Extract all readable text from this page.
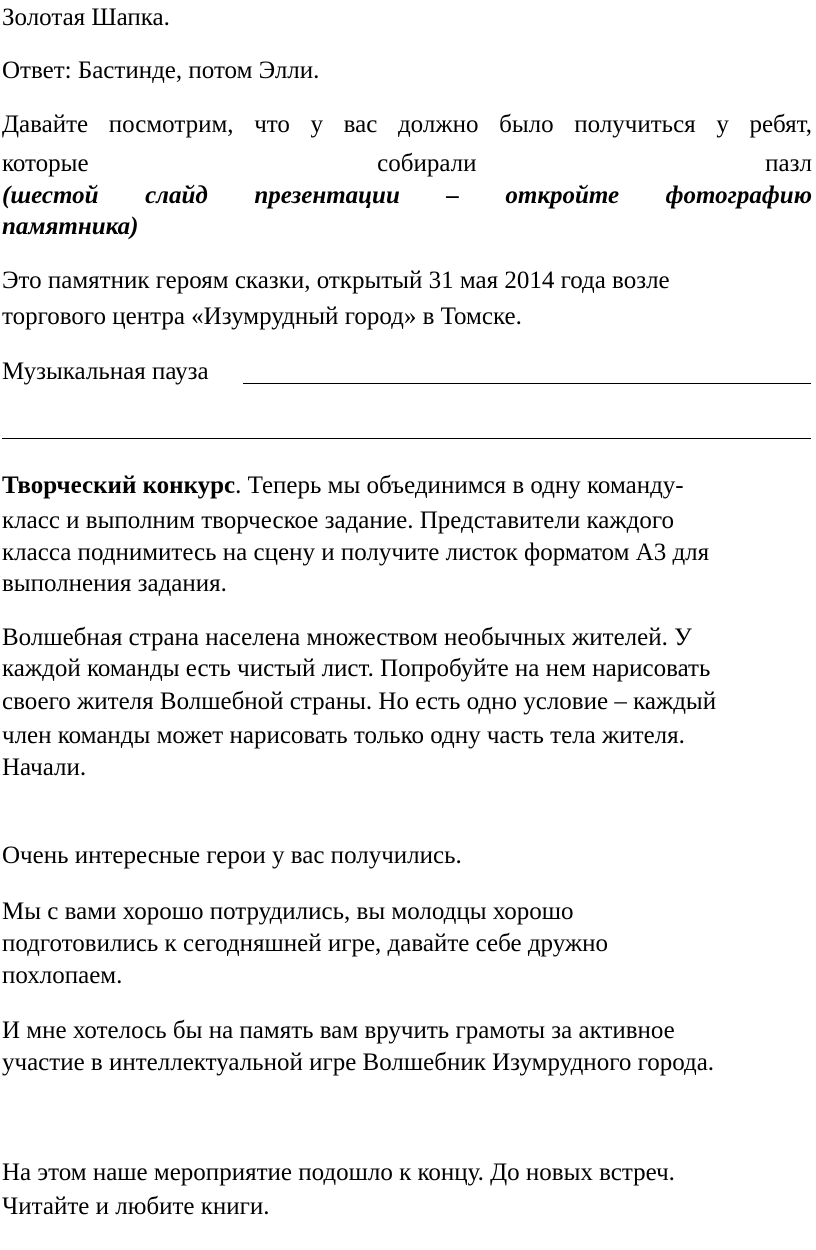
Золотая Шапка.

Ответ: Бастинде, потом Элли.

Давайте посмотрим, что у вас должно было получиться у ребят,

которые	собирали	пазл

(шестой слайд презентации – откройте фотографию

памятника)

Это памятник героям сказки, открытый 31 мая 2014 года возле

торгового центра «Изумрудный город» в Томске.

Музыкальная пауза

Творческий конкурс. Теперь мы объединимся в одну команду-

класс и выполним творческое задание. Представители каждого

класса поднимитесь на сцену и получите листок форматом А3 для

выполнения задания.

Волшебная страна населена множеством необычных жителей. У

каждой команды есть чистый лист. Попробуйте на нем нарисовать

своего жителя Волшебной страны. Но есть одно условие – каждый

член команды может нарисовать только одну часть тела жителя.

Начали.

Очень интересные герои у вас получились.

Мы с вами хорошо потрудились, вы молодцы хорошо

подготовились к сегодняшней игре, давайте себе дружно

похлопаем.

И мне хотелось бы на память вам вручить грамоты за активное

участие в интеллектуальной игре Волшебник Изумрудного города.

На этом наше мероприятие подошло к концу. До новых встреч.

Читайте и любите книги.
